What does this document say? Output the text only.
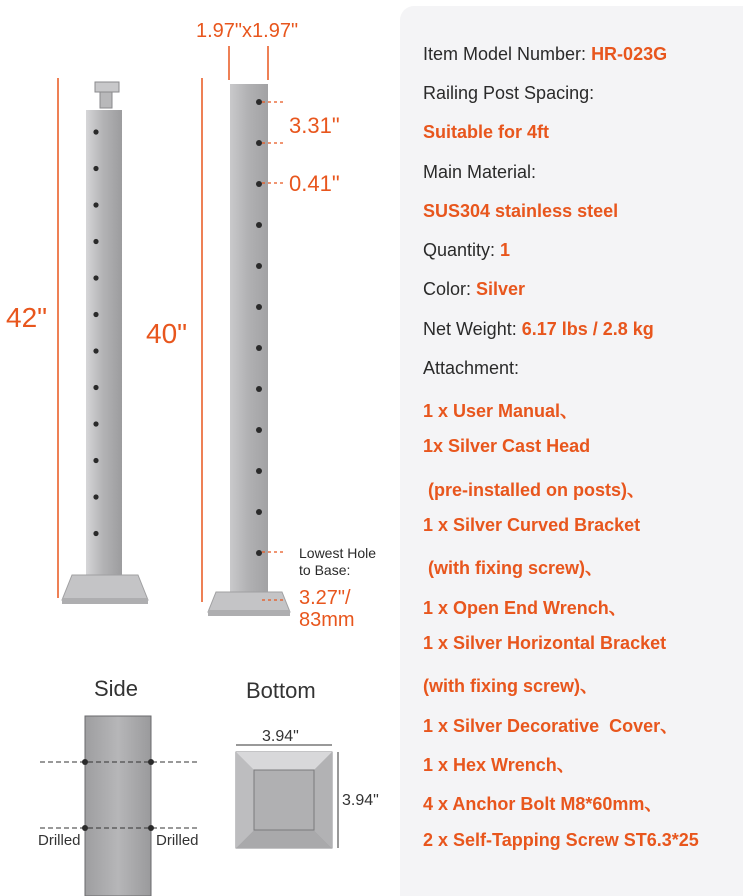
1.97"x1.97"
3.31"
0.41"
42"
40"
Lowest Hole
to Base:
3.27"/
83mm
Side	Bottom
Drilled	Drilled
3.94"
3.94"
Item Model Number: HR-023G
Railing Post Spacing:
Suitable for 4ft
Main Material:
SUS304 stainless steel
Quantity: 1
Color: Silver
Net Weight: 6.17 lbs / 2.8 kg
Attachment:
1 x User Manual、
1x Silver Cast Head
(pre-installed on posts)、
1 x Silver Curved Bracket
(with fixing screw)、
1 x Open End Wrench、
1 x Silver Horizontal Bracket
(with fixing screw)、
1 x Silver Decorative  Cover、
1 x Hex Wrench、
4 x Anchor Bolt M8*60mm、
2 x Self-Tapping Screw ST6.3*25
